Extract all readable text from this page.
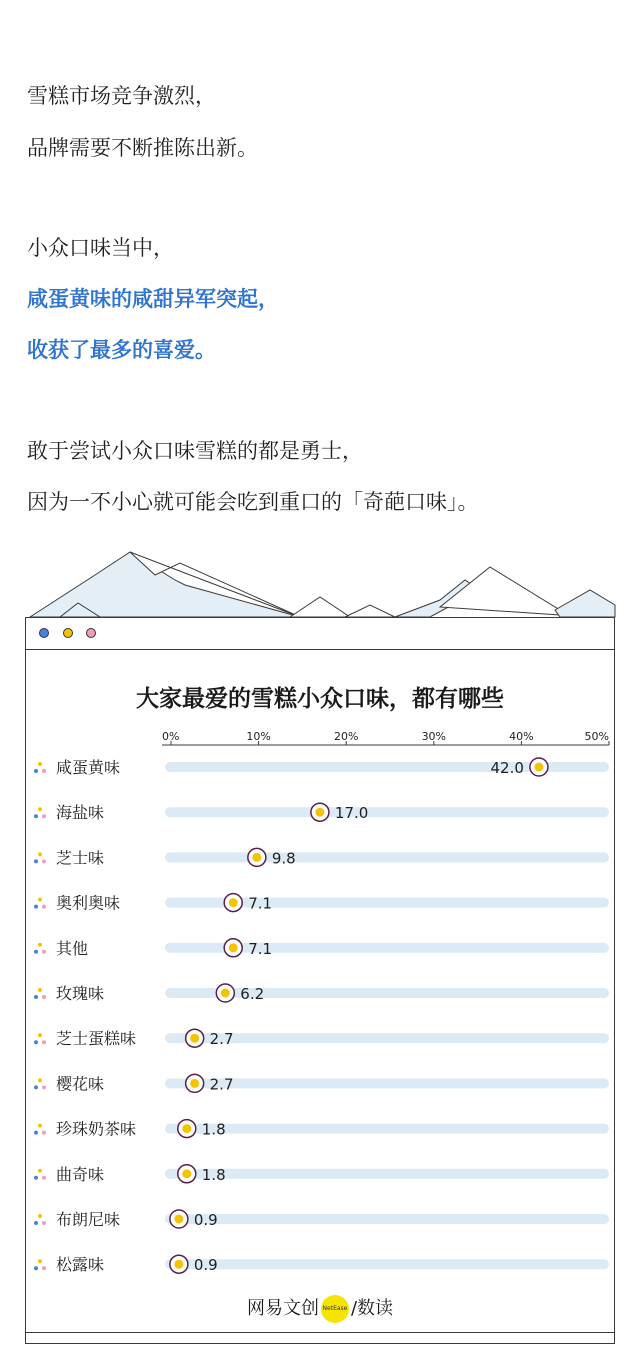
雪糕市场竞争激烈，
品牌需要不断推陈出新。
小众口味当中，
咸蛋黄味的咸甜异军突起，
收获了最多的喜爱。
敢于尝试小众口味雪糕的都是勇士，
因为一不小心就可能会吃到重口的「奇葩口味」。
大家最爱的雪糕小众口味，都有哪些
0%	10%	20%	30%	40%	50%
咸蛋黄味	42.0
海盐味	17.0
芝士味	9.8
奥利奥味	7.1
其他	7.1
玫瑰味	6.2
芝士蛋糕味	2.7
樱花味	2.7
珍珠奶茶味	1.8
曲奇味	1.8
布朗尼味	0.9
松露味	0.9
网易文创 NetEase /数读
